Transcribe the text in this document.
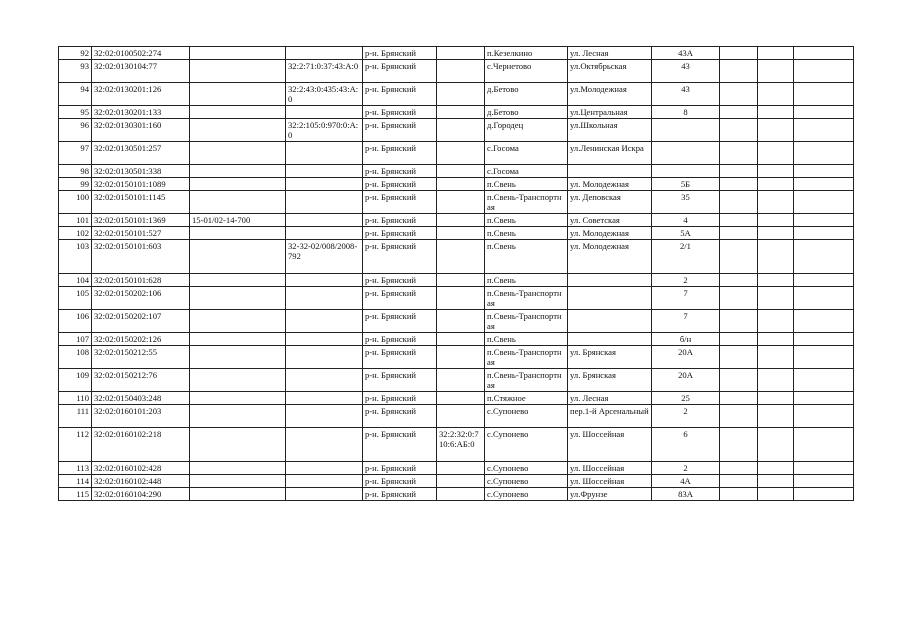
92	32:02:0100502:274			р-н. Брянский		п.Кезелкино	ул. Лесная	43А			
93	32:02:0130104:77		32:2:71:0:37:43:А:0	р-н. Брянский		с.Чернетово	ул.Октябрьская	43			
94	32:02:0130201:126		32:2:43:0:435:43:А:0	р-н. Брянский		д.Бетово	ул.Молодежная	43			
95	32:02:0130201:133			р-н. Брянский		д.Бетово	ул.Центральная	8			
96	32:02:0130301:160		32:2:105:0:970:0:А:0	р-н. Брянский		д.Городец	ул.Школьная				
97	32:02:0130501:257			р-н. Брянский		с.Госома	ул.Ленинская Искра				
98	32:02:0130501:338			р-н. Брянский		с.Госома					
99	32:02:0150101:1089			р-н. Брянский		п.Свень	ул. Молодежная	5Б			
100	32:02:0150101:1145			р-н. Брянский		п.Свень-Транспортная	ул. Деповская	35			
101	32:02:0150101:1369	15-01/02-14-700		р-н. Брянский		п.Свень	ул. Советская	4			
102	32:02:0150101:527			р-н. Брянский		п.Свень	ул. Молодежная	5А			
103	32:02:0150101:603		32-32-02/008/2008-792	р-н. Брянский		п.Свень	ул. Молодежная	2/1			
104	32:02:0150101:628			р-н. Брянский		п.Свень		2			
105	32:02:0150202:106			р-н. Брянский		п.Свень-Транспортная		7			
106	32:02:0150202:107			р-н. Брянский		п.Свень-Транспортная		7			
107	32:02:0150202:126			р-н. Брянский		п.Свень		б/н			
108	32:02:0150212:55			р-н. Брянский		п.Свень-Транспортная	ул. Брянская	20А			
109	32:02:0150212:76			р-н. Брянский		п.Свень-Транспортная	ул. Брянская	20А			
110	32:02:0150403:248			р-н. Брянский		п.Стяжное	ул. Лесная	25			
111	32:02:0160101:203			р-н. Брянский		с.Супонево	пер.1-й Арсенальный	2			
112	32:02:0160102:218			р-н. Брянский	32:2:32:0:710:6:АБ:0	с.Супонево	ул. Шоссейная	6			
113	32:02:0160102:428			р-н. Брянский		с.Супонево	ул. Шоссейная	2			
114	32:02:0160102:448			р-н. Брянский		с.Супонево	ул. Шоссейная	4А			
115	32:02:0160104:290			р-н. Брянский		с.Супонево	ул.Фрунзе	83А			
